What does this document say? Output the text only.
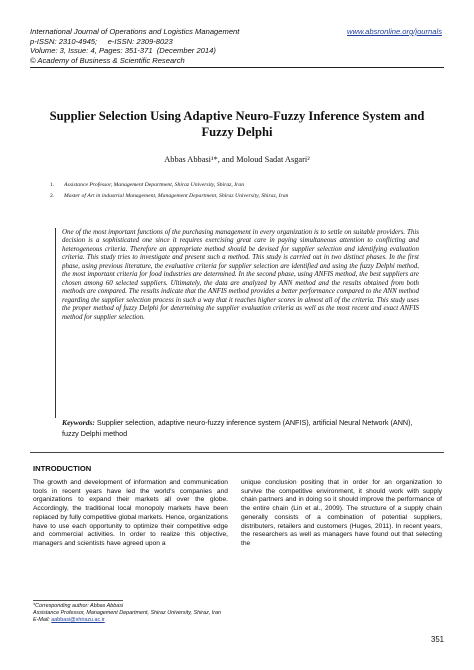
International Journal of Operations and Logistics Management
p-ISSN: 2310-4945;     e-ISSN: 2309-8023
Volume: 3, Issue: 4, Pages: 351-371  (December 2014)
© Academy of Business & Scientific Research
www.absronline.org/journals
Supplier Selection Using Adaptive Neuro-Fuzzy Inference System and Fuzzy Delphi
Abbas Abbasi¹*, and Moloud Sadat Asgari²
1. Assistance Professor, Management Department, Shiraz University, Shiraz, Iran
2. Master of Art in industrial Management, Management Department, Shiraz University, Shiraz, Iran
One of the most important functions of the purchasing management in every organization is to settle on suitable providers. This decision is a sophisticated one since it requires exercising great care in paying simultaneous attention to conflicting and heterogeneous criteria. Therefore an appropriate method should be devised for supplier selection and identifying evaluation criteria. This study tries to investigate and present such a method. This study is carried out in two distinct phases. In the first phase, using previous literature, the evaluative criteria for supplier selection are identified and using the fuzzy Delphi method, the most important criteria for food industries are determined. In the second phase, using ANFIS method, the best suppliers are chosen among 60 selected suppliers. Ultimately, the data are analyzed by ANN method and the results obtained from both methods are compared. The results indicate that the ANFIS method provides a better performance compared to the ANN method regarding the supplier selection process in such a way that it reaches higher scores in almost all of the criteria. This study uses the proper method of fuzzy Delphi for determining the supplier evaluation criteria as well as the most recent and exact ANFIS method for supplier selection.
Keywords: Supplier selection, adaptive neuro-fuzzy inference system (ANFIS), artificial Neural Network (ANN), fuzzy Delphi method
INTRODUCTION
The growth and development of information and communication tools in recent years have led the world's companies and organizations to expand their markets all over the globe. Accordingly, the traditional local monopoly markets have been replaced by fully competitive global markets. Hence, organizations have to use each opportunity to optimize their competitive edge and commercial activities. In order to realize this objective, managers and scientists have agreed upon a
unique conclusion positing that in order for an organization to survive the competitive environment, it should work with supply chain partners and in doing so it should improve the performance of the entire chain (Lin et al., 2009). The structure of a supply chain generally consists of a combination of potential suppliers, distributers, retailers and customers (Huges, 2011). In recent years, the researchers as well as managers have found out that selecting the
*Corresponding author: Abbas Abbasi
Assistance Professor, Management Department, Shiraz University, Shiraz, Iran
E-Mail: aabbasi@shirazu.ac.ir
351
